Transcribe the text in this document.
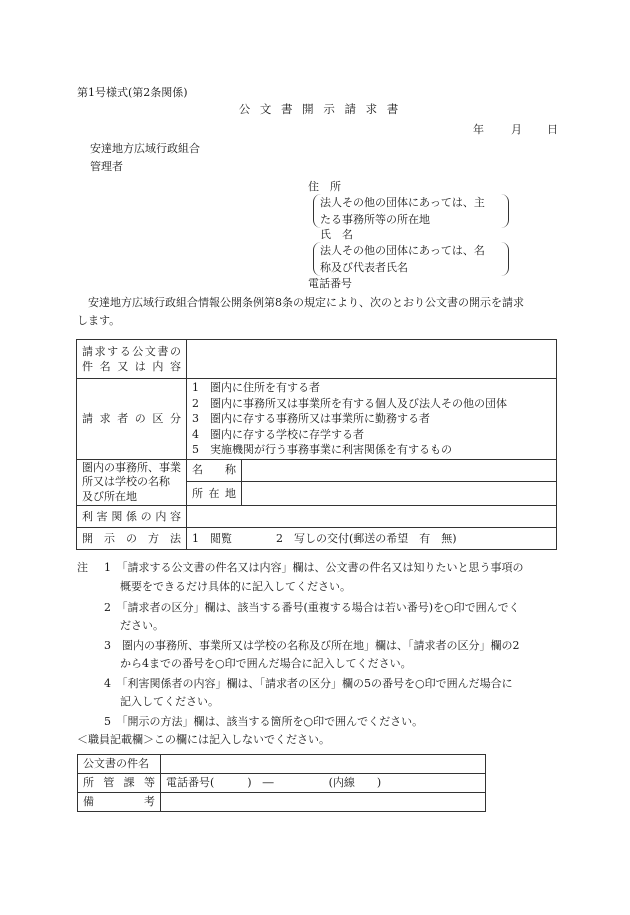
第1号様式(第2条関係)
公 文 書 開 示 請 求 書
年 月 日
安達地方広域行政組合
管理者
住　所
法人その他の団体にあっては、主
たる事務所等の所在地
氏　名
法人その他の団体にあっては、名
称及び代表者氏名
電話番号
安達地方広域行政組合情報公開条例第8条の規定により、次のとおり公文書の開示を請求
します。
請求する公文書の
件名又は内容		

請求者の区分	1　圏内に住所を有する者
2　圏内に事務所又は事業所を有する個人及び法人その他の団体
3　圏内に存する事務所又は事業所に勤務する者
4　圏内に存する学校に存学する者
5　実施機関が行う事務事業に利害関係を有するもの	

圏内の事務所、事業
所又は学校の名称
及び所在地	名　　称	
	所在地	
利害関係の内容		
開示の方法	1　閲覧　　　　2　写しの交付(郵送の希望　有　無)	
注 1　「請求する公文書の件名又は内容」欄は、公文書の件名又は知りたいと思う事項の
概要をできるだけ具体的に記入してください。
2　「請求者の区分」欄は、該当する番号(重複する場合は若い番号)を○印で囲んでく
ださい。
3　圏内の事務所、事業所又は学校の名称及び所在地」欄は、「請求者の区分」欄の2
から4までの番号を○印で囲んだ場合に記入してください。
4　「利害関係者の内容」欄は、「請求者の区分」欄の5の番号を○印で囲んだ場合に
記入してください。
5　「開示の方法」欄は、該当する箇所を○印で囲んでください。
＜職員記載欄＞この欄には記入しないでください。
公文書の件名	
所管課等	電話番号(　　　)　―　　　　　(内線　　)
備考	
